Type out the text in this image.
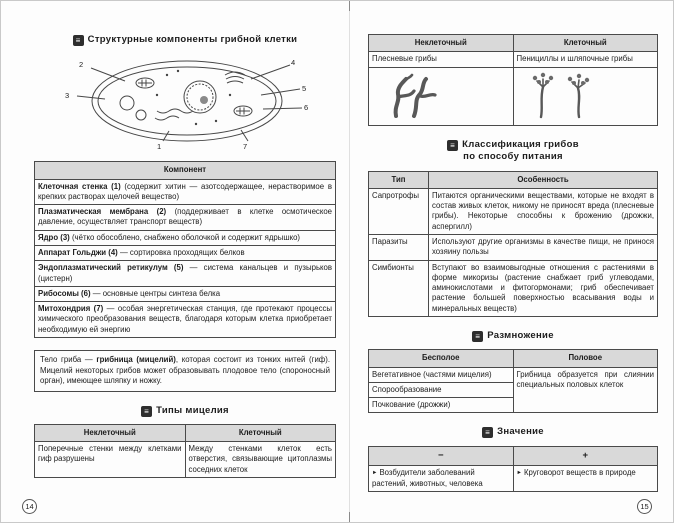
≡ Структурные компоненты грибной клетки
1
2
3
4
5
6
7
Компонент
Клеточная стенка (1) (содержит хитин — азотсодержащее, нерастворимое в крепких растворах щелочей вещество)
Плазматическая мембрана (2) (поддерживает в клетке осмотическое давление, осуществляет транспорт веществ)
Ядро (3) (чётко обособлено, снабжено оболочкой и содержит ядрышко)
Аппарат Гольджи (4) — сортировка проходящих белков
Эндоплазматический ретикулум (5) — система канальцев и пузырьков (цистерн)
Рибосомы (6) — основные центры синтеза белка
Митохондрия (7) — особая энергетическая станция, где протекают процессы химического преобразования веществ, благодаря которым клетка приобретает необходимую ей энергию
Тело гриба — грибница (мицелий), которая состоит из тонких нитей (гиф). Мицелий некоторых грибов может образовывать плодовое тело (спороносный орган), имеющее шляпку и ножку.
≡ Типы мицелия
Неклеточный	Клеточный
Поперечные стенки между клетками гиф разрушены	Между стенками клеток есть отверстия, связывающие цитоплазмы соседних клеток
Неклеточный	Клеточный
Плесневые грибы	Пенициллы и шляпочные грибы

≡ Классификация грибов
по способу питания
Тип	Особенность
Сапротрофы	Питаются органическими веществами, которые не входят в состав живых клеток, никому не приносят вреда (плесневые грибы). Некоторые способны к брожению (дрожжи, аспергилл)
Паразиты	Используют другие организмы в качестве пищи, не принося хозяину пользы
Симбионты	Вступают во взаимовыгодные отношения с растениями в форме микоризы (растение снабжает гриб углеводами, аминокислотами и фитогормонами; гриб обеспечивает растение большей поверхностью всасывания воды и минеральных веществ)
≡ Размножение
Бесполое	Половое
Вегетативное (частями мицелия)	Грибница образуется при слиянии специальных половых клеток
Спорообразование	
Почкование (дрожжи)	
≡ Значение
−	+
► Возбудители заболеваний растений, животных, человека	► Круговорот веществ в природе
14	15
